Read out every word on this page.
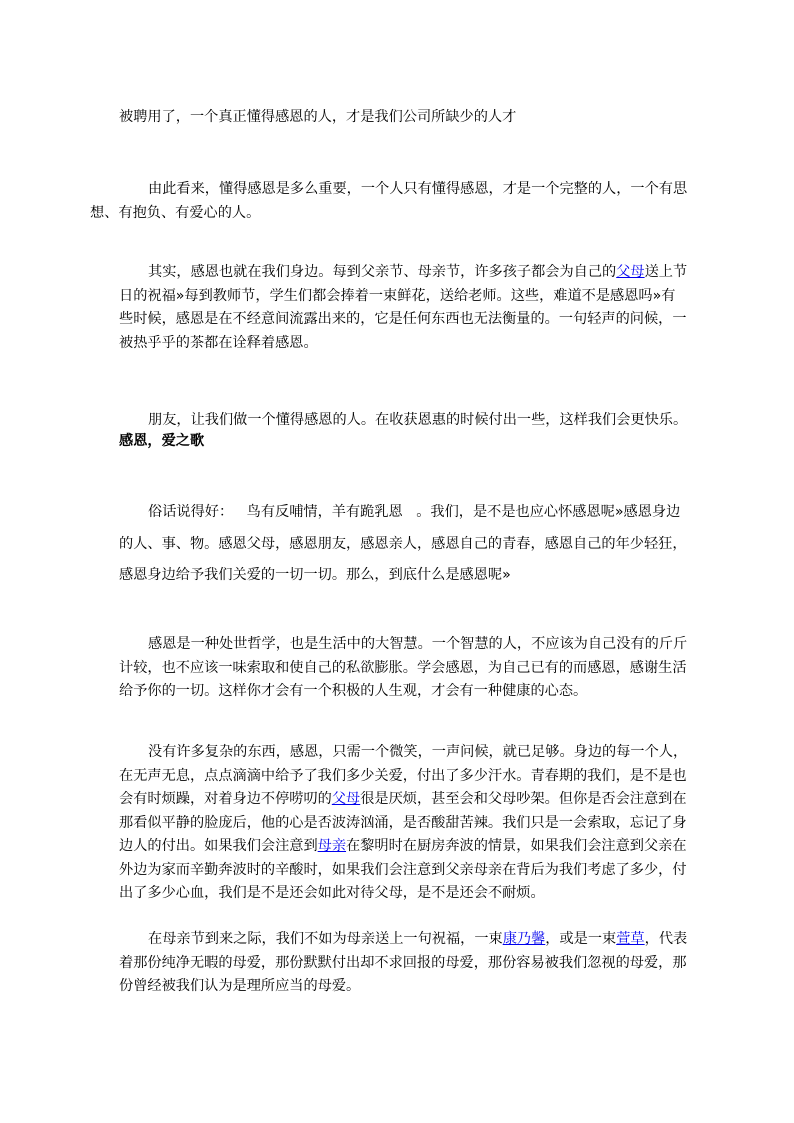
被聘用了，一个真正懂得感恩的人，才是我们公司所缺少的人才

由此看来，懂得感恩是多么重要，一个人只有懂得感恩，才是一个完整的人，一个有思
想、有抱负、有爱心的人。

其实，感恩也就在我们身边。每到父亲节、母亲节，许多孩子都会为自己的父母送上节
日的祝福»每到教师节，学生们都会捧着一束鲜花，送给老师。这些，难道不是感恩吗»有
些时候，感恩是在不经意间流露出来的，它是任何东西也无法衡量的。一句轻声的问候，一
被热乎乎的茶都在诠释着感恩。

朋友，让我们做一个懂得感恩的人。在收获恩惠的时候付出一些，这样我们会更快乐。

感恩，爱之歌

俗话说得好：   鸟有反哺情，羊有跪乳恩   。我们，是不是也应心怀感恩呢»感恩身边
的人、事、物。感恩父母，感恩朋友，感恩亲人，感恩自己的青春，感恩自己的年少轻狂，
感恩身边给予我们关爱的一切一切。那么，到底什么是感恩呢»

感恩是一种处世哲学，也是生活中的大智慧。一个智慧的人，不应该为自己没有的斤斤
计较，也不应该一味索取和使自己的私欲膨胀。学会感恩，为自己已有的而感恩，感谢生活
给予你的一切。这样你才会有一个积极的人生观，才会有一种健康的心态。

没有许多复杂的东西，感恩，只需一个微笑，一声问候，就已足够。身边的每一个人，
在无声无息，点点滴滴中给予了我们多少关爱，付出了多少汗水。青春期的我们，是不是也
会有时烦躁，对着身边不停唠叨的父母很是厌烦，甚至会和父母吵架。但你是否会注意到在
那看似平静的脸庞后，他的心是否波涛汹涌，是否酸甜苦辣。我们只是一会索取，忘记了身
边人的付出。如果我们会注意到母亲在黎明时在厨房奔波的情景，如果我们会注意到父亲在
外边为家而辛勤奔波时的辛酸时，如果我们会注意到父亲母亲在背后为我们考虑了多少，付
出了多少心血，我们是不是还会如此对待父母，是不是还会不耐烦。

在母亲节到来之际，我们不如为母亲送上一句祝福，一束康乃馨，或是一束萱草，代表
着那份纯净无暇的母爱，那份默默付出却不求回报的母爱，那份容易被我们忽视的母爱，那
份曾经被我们认为是理所应当的母爱。
